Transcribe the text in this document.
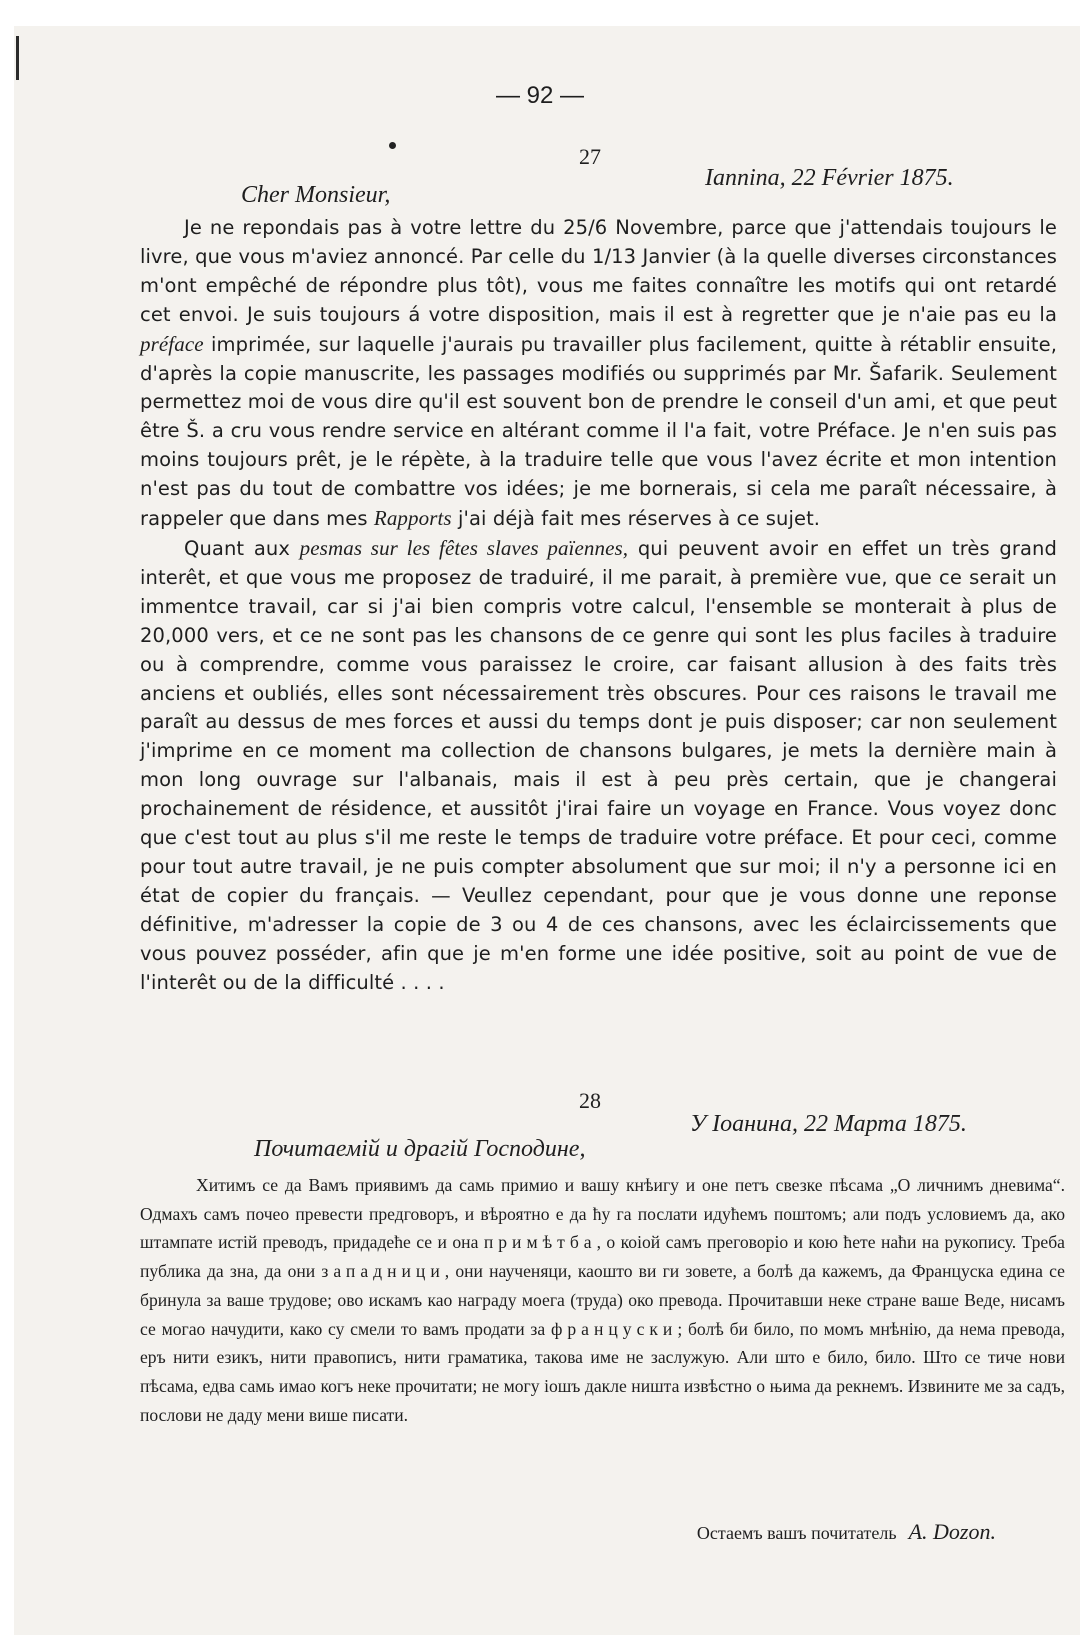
— 92 —
27
Iannina, 22 Février 1875.
Cher Monsieur,

Je ne repondais pas à votre lettre du 25/6 Novembre, parce que j'attendais toujours le livre, que vous m'aviez annoncé. Par celle du 1/13 Janvier (à la quelle diverses circonstances m'ont empêché de répondre plus tôt), vous me faites connaître les motifs qui ont retardé cet envoi. Je suis toujours á votre disposition, mais il est à regretter que je n'aie pas eu la préface imprimée, sur laquelle j'aurais pu travailler plus facilement, quitte à rétablir ensuite, d'après la copie manuscrite, les passages modifiés ou supprimés par Mr. Šafarik. Seulement permettez moi de vous dire qu'il est souvent bon de prendre le conseil d'un ami, et que peut être Š. a cru vous rendre service en altérant comme il l'a fait, votre Préface. Je n'en suis pas moins toujours prêt, je le répète, à la traduire telle que vous l'avez écrite et mon intention n'est pas du tout de combattre vos idées; je me bornerais, si cela me paraît nécessaire, à rappeler que dans mes Rapports j'ai déjà fait mes réserves à ce sujet.

Quant aux pesmas sur les fêtes slaves païennes, qui peuvent avoir en effet un très grand interêt, et que vous me proposez de traduiré, il me parait, à première vue, que ce serait un immentce travail, car si j'ai bien compris votre calcul, l'ensemble se monterait à plus de 20,000 vers, et ce ne sont pas les chansons de ce genre qui sont les plus faciles à traduire ou à comprendre, comme vous paraissez le croire, car faisant allusion à des faits très anciens et oubliés, elles sont nécessairement très obscures. Pour ces raisons le travail me paraît au dessus de mes forces et aussi du temps dont je puis disposer; car non seulement j'imprime en ce moment ma collection de chansons bulgares, je mets la dernière main à mon long ouvrage sur l'albanais, mais il est à peu près certain, que je changerai prochainement de résidence, et aussitôt j'irai faire un voyage en France. Vous voyez donc que c'est tout au plus s'il me reste le temps de traduire votre préface. Et pour ceci, comme pour tout autre travail, je ne puis compter absolument que sur moi; il n'y a personne ici en état de copier du français. — Veullez cependant, pour que je vous donne une reponse définitive, m'adresser la copie de 3 ou 4 de ces chansons, avec les éclaircissements que vous pouvez posséder, afin que je m'en forme une idée positive, soit au point de vue de l'interêt ou de la difficulté . . . .

28
У Іоанина, 22 Марта 1875.
Почитаемій и драгій Господине,

Хитимъ се да Вамъ приявимъ да самь примио и вашу кнѣигу и оне петъ свезке пѣсама „О личнимъ дневима“. Одмахъ самъ почео превести предговоръ, и вѣроятно е да ћу га послати идућемъ поштомъ; али подъ условиемъ да, ако штампате истій преводъ, придадеће се и она примѣтба, о коіой самъ преговоріо и кою ћете наћи на рукопису. Треба публика да зна, да они западници, они наученяци, каошто ви ги зовете, а болѣ да кажемъ, да Француска едина се бринула за ваше трудове; ово искамъ као награду моега (труда) око превода. Прочитавши неке стране ваше Веде, нисамъ се могао начудити, како су смели то вамъ продати за француски; болѣ би било, по момъ мнѣнію, да нема превода, еръ нити езикъ, нити правописъ, нити граматика, такова име не заслужую. Али што е било, било. Што се тиче нови пѣсама, едва самь имао когъ неке прочитати; не могу іошъ дакле ништа извѣстно о њима да рекнемъ. Извините ме за садъ, послови не даду мени више писати.

Остаемъ вашъ почитатель А. Dozon.
